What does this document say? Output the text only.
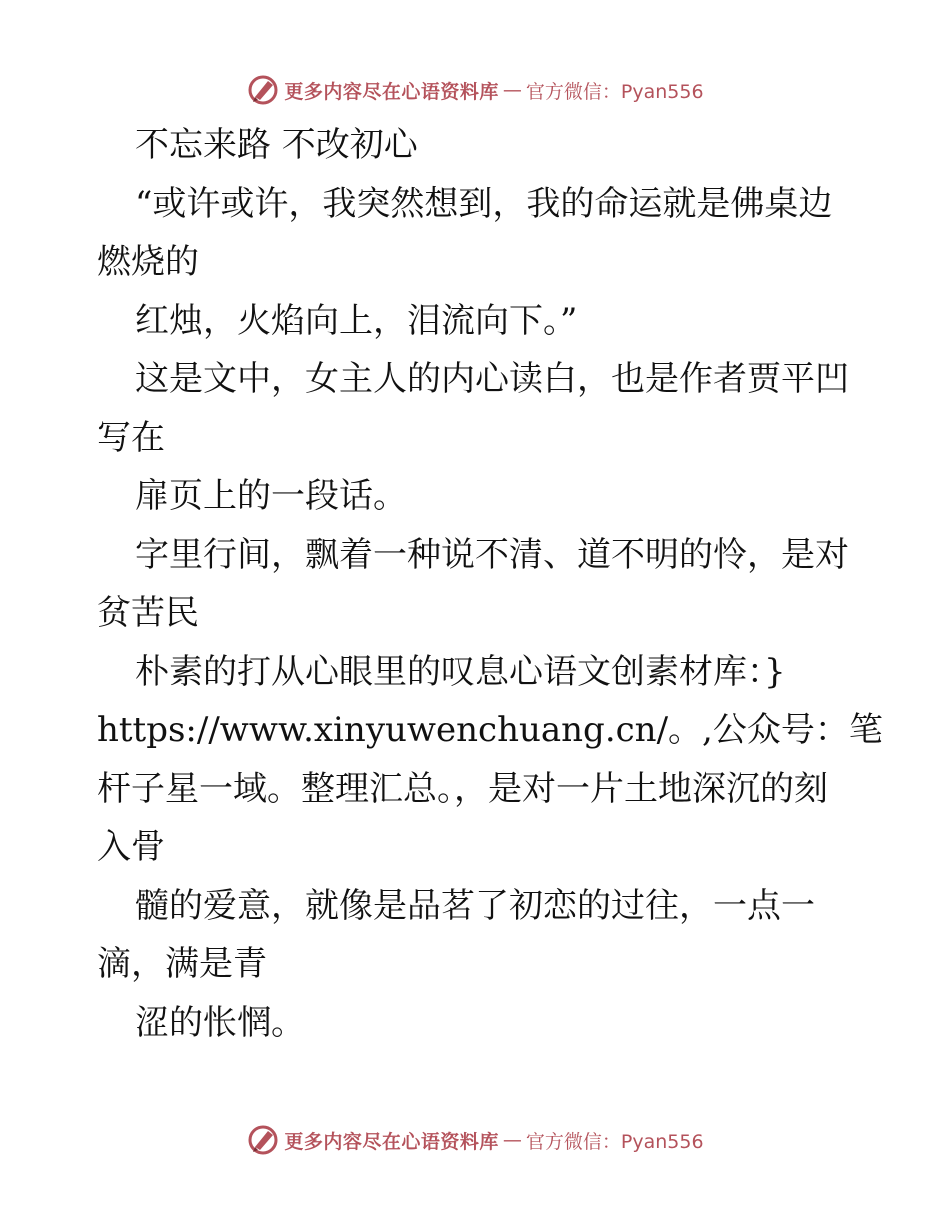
更多内容尽在心语资料库 — 官方微信：Pyan556
不忘来路 不改初心
“或许或许，我突然想到，我的命运就是佛桌边
燃烧的
红烛，火焰向上，泪流向下。”
这是文中，女主人的内心读白，也是作者贾平凹
写在
扉页上的一段话。
字里行间，飘着一种说不清、道不明的怜，是对
贫苦民
朴素的打从心眼里的叹息心语文创素材库：}
https://www.xinyuwenchuang.cn/。,公众号：笔
杆子星一域。整理汇总。，是对一片土地深沉的刻
入骨
髓的爱意，就像是品茗了初恋的过往，一点一
滴，满是青
涩的怅惘。
更多内容尽在心语资料库 — 官方微信：Pyan556
